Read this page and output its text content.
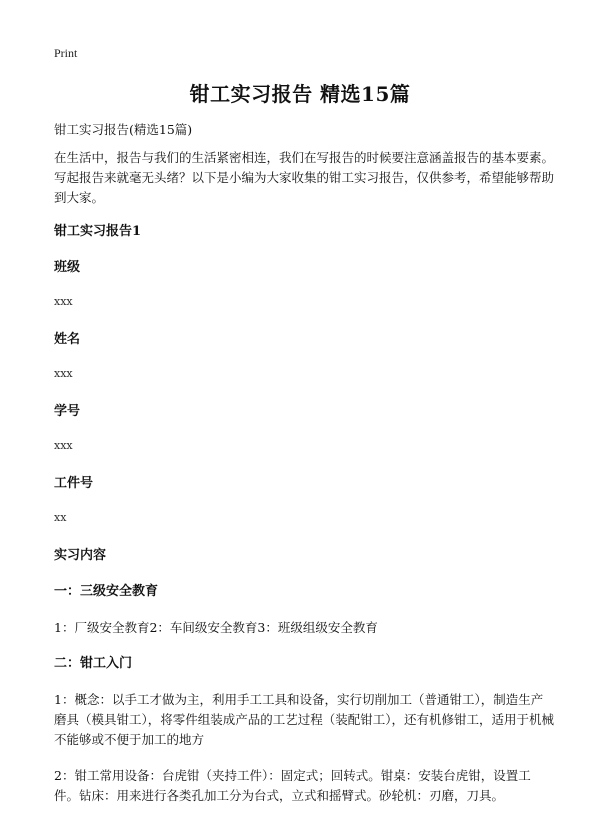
Print
钳工实习报告 精选15篇

钳工实习报告(精选15篇)

在生活中，报告与我们的生活紧密相连，我们在写报告的时候要注意涵盖报告的基本要素。写起报告来就毫无头绪？以下是小编为大家收集的钳工实习报告，仅供参考，希望能够帮助到大家。

钳工实习报告1

班级

xxx

姓名

xxx

学号

xxx

工件号

xx

实习内容

一：三级安全教育

1：厂级安全教育2：车间级安全教育3：班级组级安全教育

二：钳工入门

1：概念：以手工才做为主，利用手工工具和设备，实行切削加工（普通钳工），制造生产磨具（模具钳工），将零件组装成产品的工艺过程（装配钳工），还有机修钳工，适用于机械不能够或不便于加工的地方

2：钳工常用设备：台虎钳（夹持工件）：固定式；回转式。钳桌：安装台虎钳，设置工件。钻床：用来进行各类孔加工分为台式，立式和摇臂式。砂轮机：刃磨，刀具。
